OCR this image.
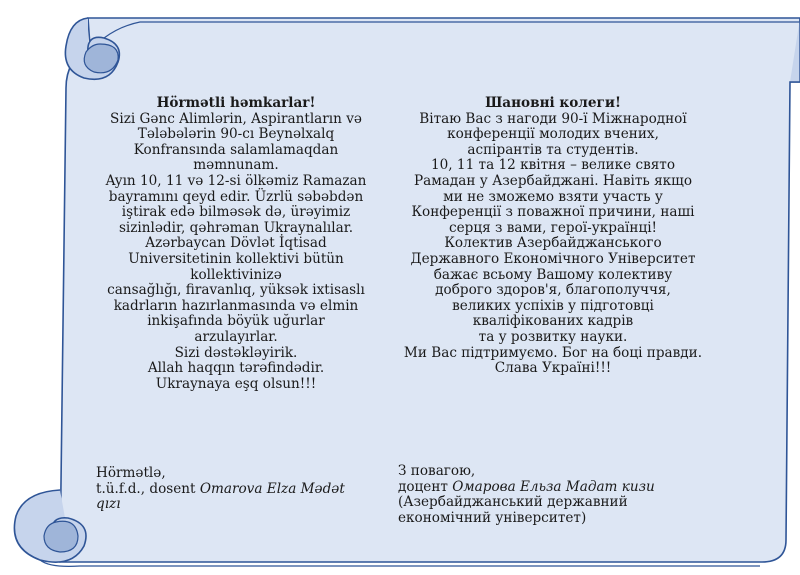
Hörmətli həmkarlar!
Sizi Gənc Alimlərin, Aspirantların və
Tələbələrin 90-cı Beynəlxalq
Konfransında salamlamaqdan
məmnunam.
Ayın 10, 11 və 12-si ölkəmiz Ramazan
bayramını qeyd edir. Üzrlü səbəbdən
iştirak edə bilməsək də, ürəyimiz
sizinlədir, qəhrəman Ukraynalılar.
Azərbaycan Dövlət İqtisad
Universitetinin kollektivi bütün
kollektivinizə
cansağlığı, firavanlıq, yüksək ixtisaslı
kadrların hazırlanmasında və elmin
inkişafında böyük uğurlar
arzulayırlar.
Sizi dəstəkləyirik.
Allah haqqın tərəfindədir.
Ukraynaya eşq olsun!!!
Hörmətlə,
t.ü.f.d., dosent Omarova Elza Mədət
qızı
Шановні колеги!
Вітаю Вас з нагоди 90-ї Міжнародної
конференції молодих вчених,
аспірантів та студентів.
10, 11 та 12 квітня – велике свято
Рамадан у Азербайджані. Навіть якщо
ми не зможемо взяти участь у
Конференції з поважної причини, наші
серця з вами, герої-українці!
Колектив Азербайджанського
Державного Економічного Університет
бажає всьому Вашому колективу
доброго здоров'я, благополуччя,
великих успіхів у підготовці
кваліфікованих кадрів
та у розвитку науки.
Ми Вас підтримуємо. Бог на боці правди.
Слава Україні!!!
З повагою,
доцент Омарова Ельза Мадат кизи
(Азербайджанський державний
економічний університет)
